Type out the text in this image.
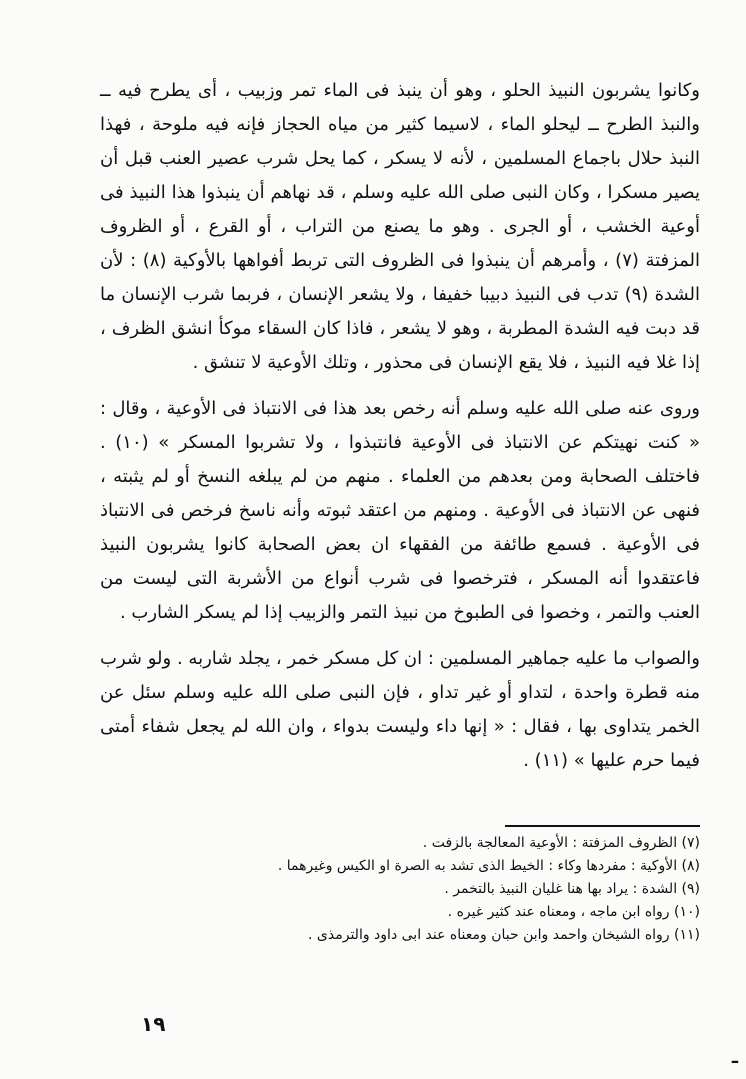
وكانوا يشربون النبيذ الحلو ، وهو أن ينبذ فى الماء تمر وزبيب ، أى يطرح فيه ــ والنبذ الطرح ــ ليحلو الماء ، لاسيما كثير من مياه الحجاز فإنه فيه ملوحة ، فهذا النبذ حلال باجماع المسلمين ، لأنه لا يسكر ، كما يحل شرب عصير العنب قبل أن يصير مسكرا ، وكان النبى صلى الله عليه وسلم ، قد نهاهم أن ينبذوا هذا النبيذ فى أوعية الخشب ، أو الجرى . وهو ما يصنع من التراب ، أو القرع ، أو الظروف المزفتة (٧) ، وأمرهم أن ينبذوا فى الظروف التى تربط أفواهها بالأوكية (٨) : لأن الشدة (٩) تدب فى النبيذ دبيبا خفيفا ، ولا يشعر الإنسان ، فربما شرب الإنسان ما قد دبت فيه الشدة المطربة ، وهو لا يشعر ، فاذا كان السقاء موكأ انشق الظرف ، إذا غلا فيه النبيذ ، فلا يقع الإنسان فى محذور ، وتلك الأوعية لا تنشق .

وروى عنه صلى الله عليه وسلم أنه رخص بعد هذا فى الانتباذ فى الأوعية ، وقال : « كنت نهيتكم عن الانتباذ فى الأوعية فانتبذوا ، ولا تشربوا المسكر » (١٠) . فاختلف الصحابة ومن بعدهم من العلماء . منهم من لم يبلغه النسخ أو لم يثبته ، فنهى عن الانتباذ فى الأوعية . ومنهم من اعتقد ثبوته وأنه ناسخ فرخص فى الانتباذ فى الأوعية . فسمع طائفة من الفقهاء ان بعض الصحابة كانوا يشربون النبيذ فاعتقدوا أنه المسكر ، فترخصوا فى شرب أنواع من الأشربة التى ليست من العنب والتمر ، وخصوا فى الطبوخ من نبيذ التمر والزبيب إذا لم يسكر الشارب .

والصواب ما عليه جماهير المسلمين : ان كل مسكر خمر ، يجلد شاربه . ولو شرب منه قطرة واحدة ، لتداو أو غير تداو ، فإن النبى صلى الله عليه وسلم سئل عن الخمر يتداوى بها ، فقال : « إنها داء وليست بدواء ، وان الله لم يجعل شفاء أمتى فيما حرم عليها » (١١) .

(٧) الظروف المزفتة : الأوعية المعالجة بالزفت .

(٨) الأوكية : مفردها وكاء : الخيط الذى تشد به الصرة او الكيس وغيرهما .

(٩) الشدة : يراد بها هنا غليان النبيذ بالتخمر .

(١٠) رواه ابن ماجه ، ومعناه عند كثير غيره .

(١١) رواه الشيخان واحمد وابن حبان ومعناه عند ابى داود والترمذى .

١٩
ـ
